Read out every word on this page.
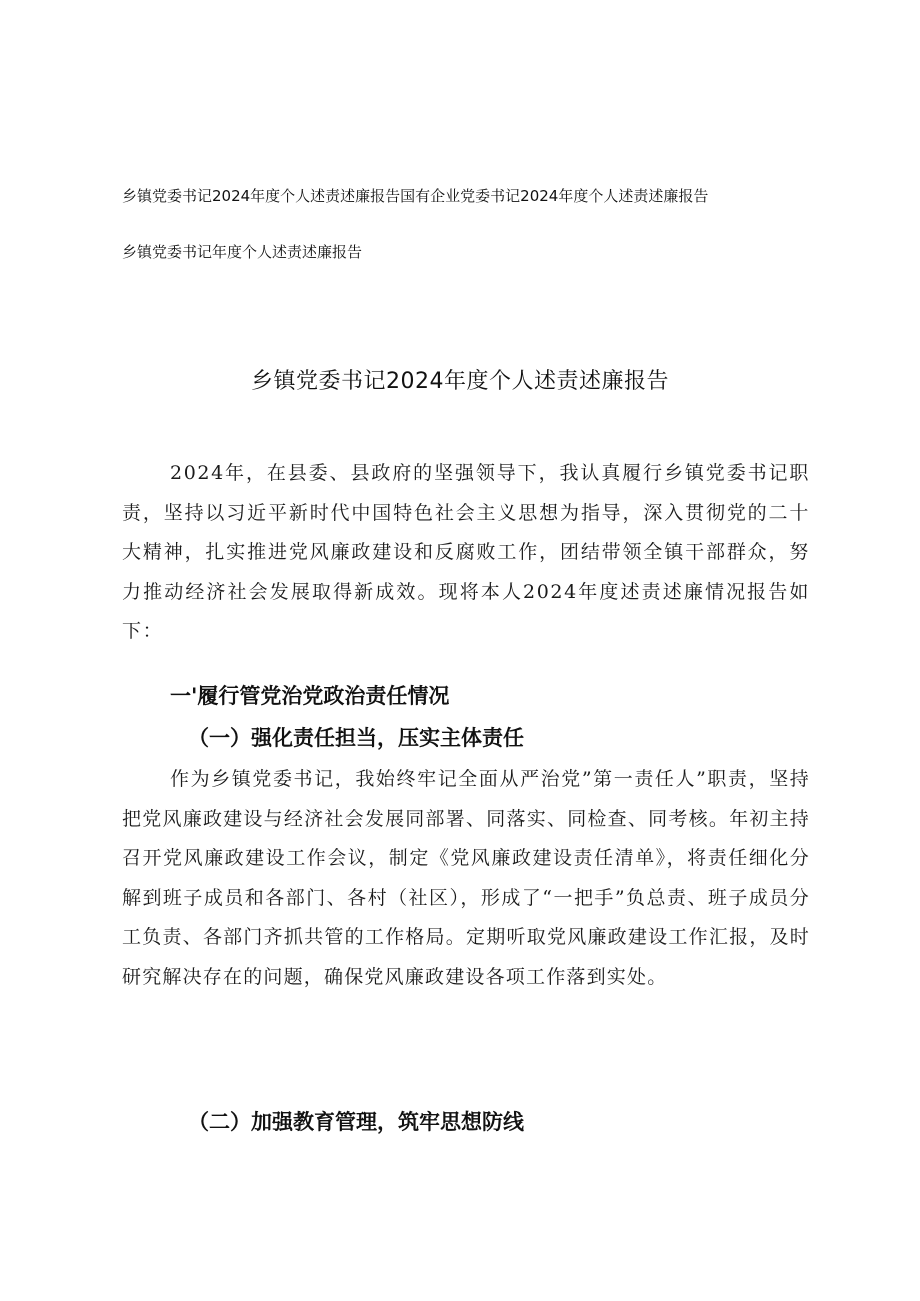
乡镇党委书记2024年度个人述责述廉报告国有企业党委书记2024年度个人述责述廉报告
乡镇党委书记年度个人述责述廉报告
乡镇党委书记2024年度个人述责述廉报告

2024年，在县委、县政府的坚强领导下，我认真履行乡镇党委书记职责，坚持以习近平新时代中国特色社会主义思想为指导，深入贯彻党的二十大精神，扎实推进党风廉政建设和反腐败工作，团结带领全镇干部群众，努力推动经济社会发展取得新成效。现将本人2024年度述责述廉情况报告如下：

一'履行管党治党政治责任情况
（一）强化责任担当，压实主体责任

作为乡镇党委书记，我始终牢记全面从严治党”第一责任人”职责，坚持把党风廉政建设与经济社会发展同部署、同落实、同检查、同考核。年初主持召开党风廉政建设工作会议，制定《党风廉政建设责任清单》，将责任细化分解到班子成员和各部门、各村（社区），形成了“一把手”负总责、班子成员分工负责、各部门齐抓共管的工作格局。定期听取党风廉政建设工作汇报，及时研究解决存在的问题，确保党风廉政建设各项工作落到实处。

（二）加强教育管理，筑牢思想防线
